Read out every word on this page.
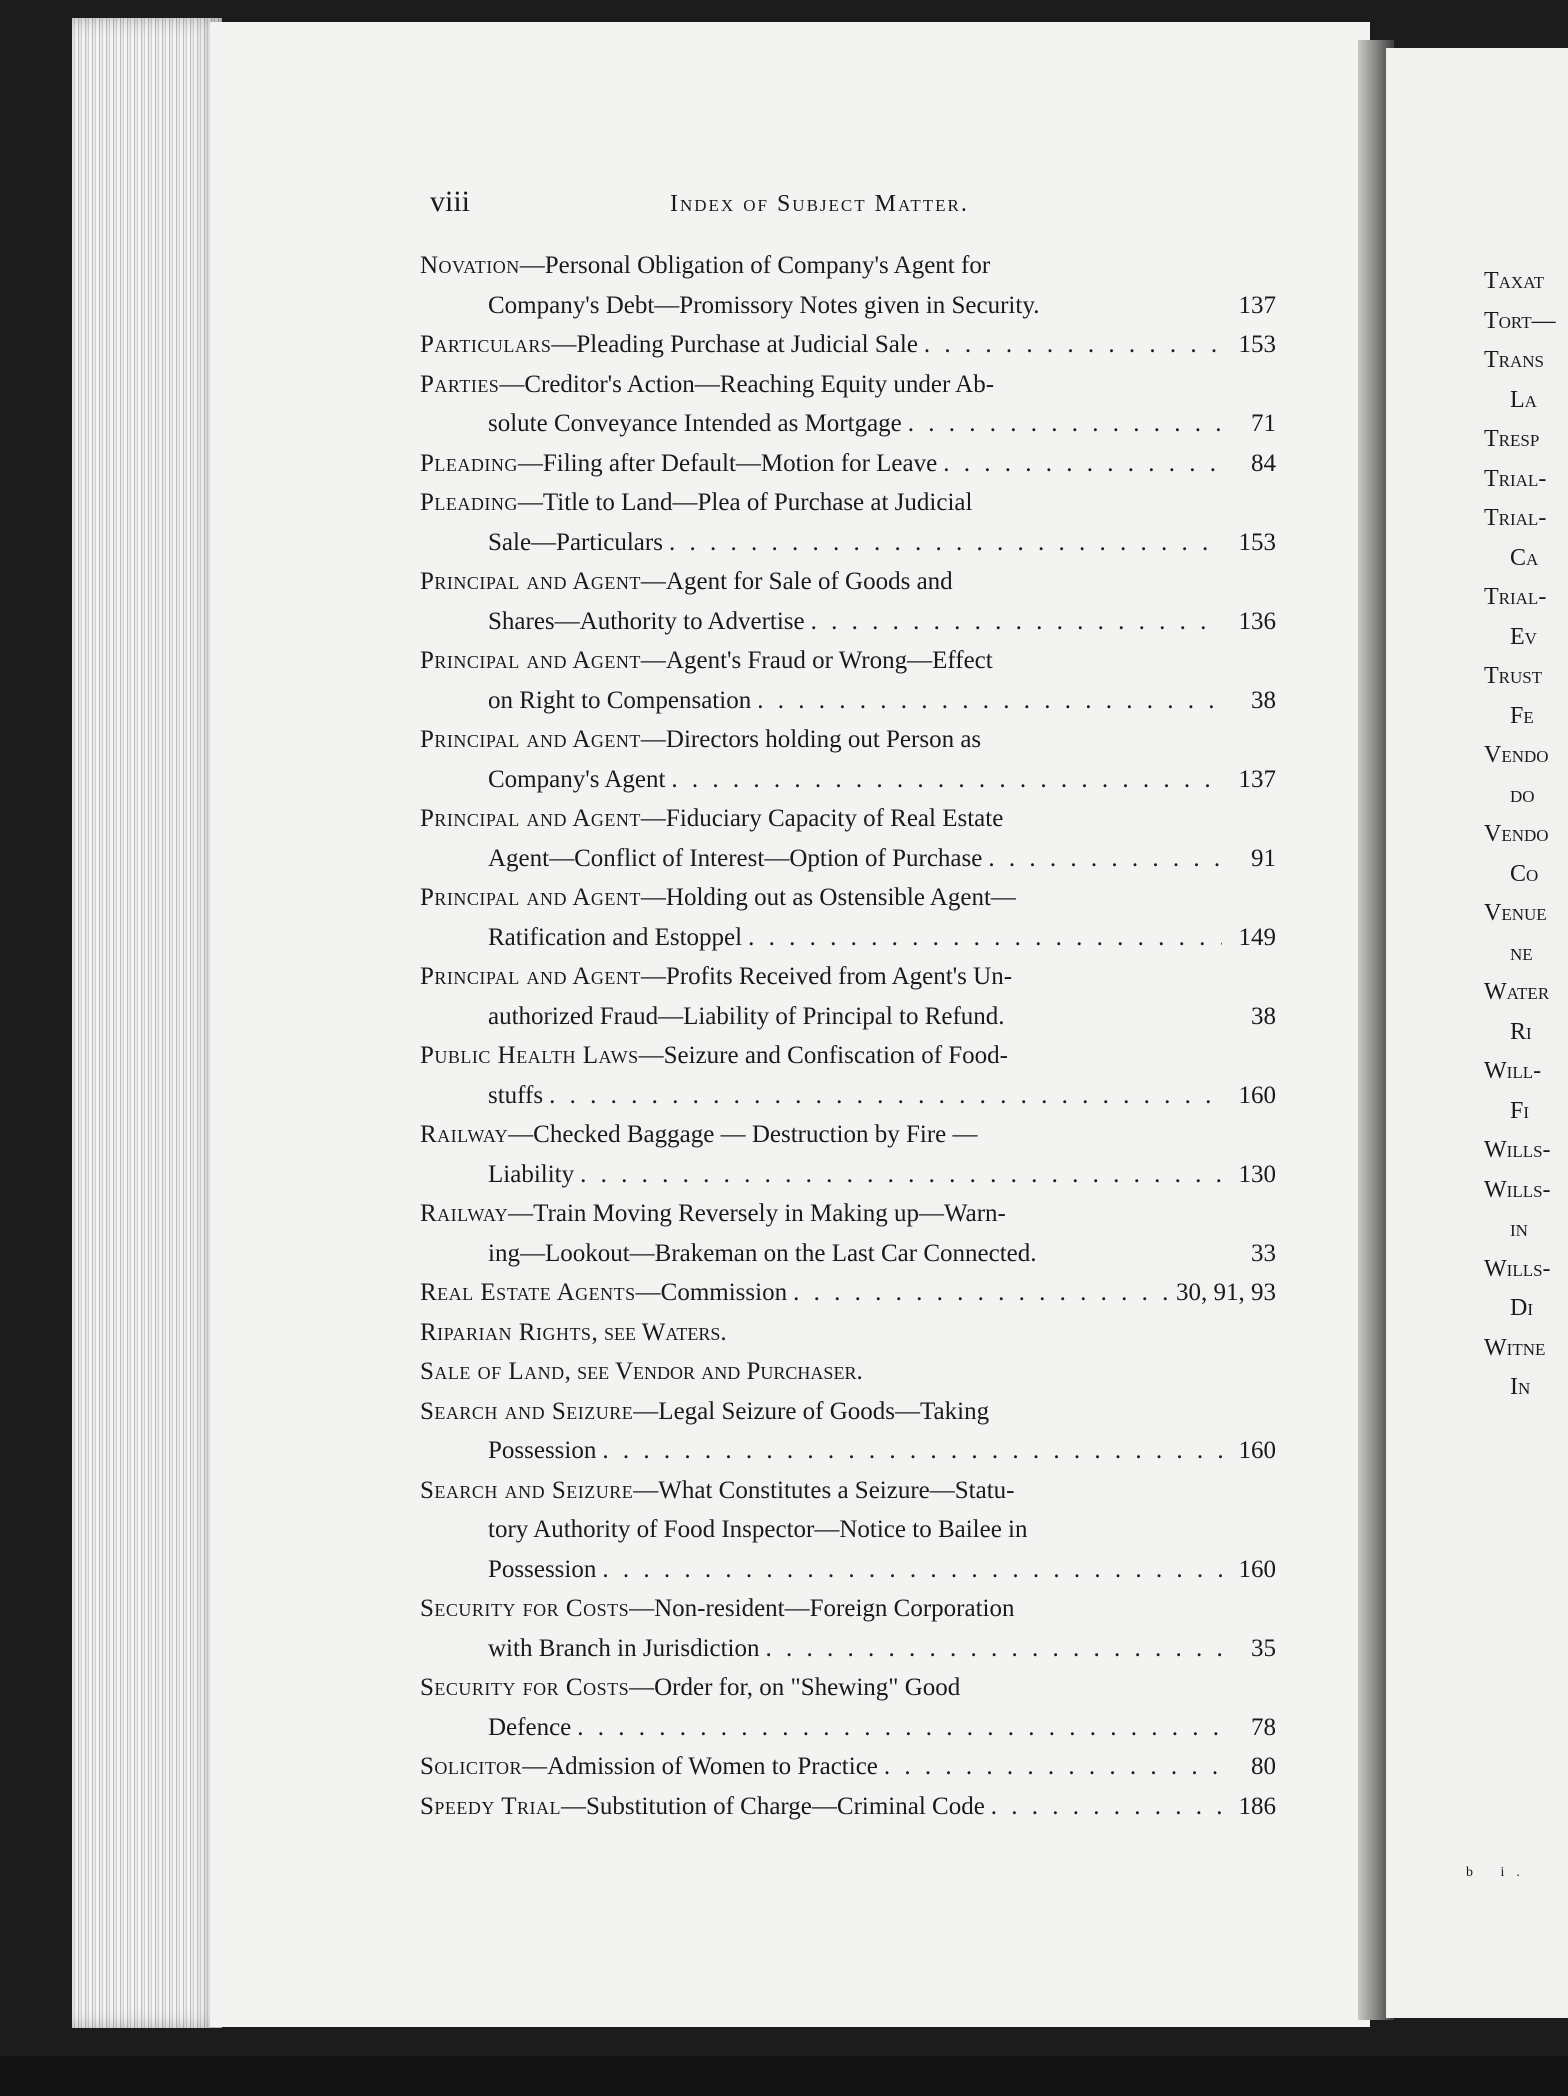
viii	Index of Subject Matter.
Novation—Personal Obligation of Company's Agent for
Company's Debt—Promissory Notes given in Security.	137
Particulars—Pleading Purchase at Judicial Sale . . .	153
Parties—Creditor's Action—Reaching Equity under Ab-
solute Conveyance Intended as Mortgage . . .	71
Pleading—Filing after Default—Motion for Leave . . .	84
Pleading—Title to Land—Plea of Purchase at Judicial
Sale—Particulars . . .	153
Principal and Agent—Agent for Sale of Goods and
Shares—Authority to Advertise . . .	136
Principal and Agent—Agent's Fraud or Wrong—Effect
on Right to Compensation . . .	38
Principal and Agent—Directors holding out Person as
Company's Agent . . .	137
Principal and Agent—Fiduciary Capacity of Real Estate
Agent—Conflict of Interest—Option of Purchase . . .	91
Principal and Agent—Holding out as Ostensible Agent—
Ratification and Estoppel . . .	149
Principal and Agent—Profits Received from Agent's Un-
authorized Fraud—Liability of Principal to Refund.	38
Public Health Laws—Seizure and Confiscation of Food-
stuffs . . .	160
Railway—Checked Baggage — Destruction by Fire —
Liability . . .	130
Railway—Train Moving Reversely in Making up—Warn-
ing—Lookout—Brakeman on the Last Car Connected.	33
Real Estate Agents—Commission . . .	30, 91, 93
Riparian Rights, see Waters.
Sale of Land, see Vendor and Purchaser.
Search and Seizure—Legal Seizure of Goods—Taking
Possession . . .	160
Search and Seizure—What Constitutes a Seizure—Statu-
tory Authority of Food Inspector—Notice to Bailee in
Possession . . .	160
Security for Costs—Non-resident—Foreign Corporation
with Branch in Jurisdiction . . .	35
Security for Costs—Order for, on "Shewing" Good
Defence . . .	78
Solicitor—Admission of Women to Practice . . .	80
Speedy Trial—Substitution of Charge—Criminal Code . . .	186
Taxat
Tort—
Trans
La
Tresp
Trial-
Trial-
Ca
Trial-
Ev
Trust
Fe
Vendo
do
Vendo
Co
Venue
ne
Water
Ri
Will-
Fi
Wills-
Wills-
in
Wills-
Di
Witne
In
b i.
